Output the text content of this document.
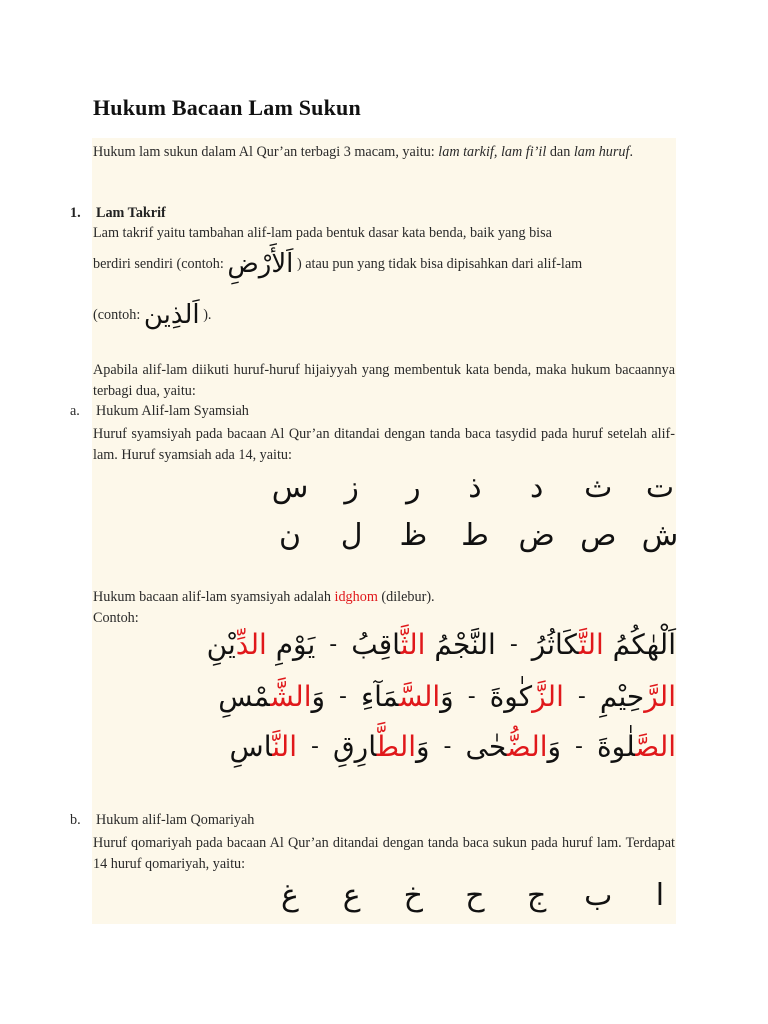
Hukum Bacaan Lam Sukun
Hukum lam sukun dalam Al Qur’an terbagi 3 macam, yaitu: lam tarkif, lam fi’il dan lam huruf.
1. Lam Takrif
Lam takrif yaitu tambahan alif-lam pada bentuk dasar kata benda, baik yang bisa
berdiri sendiri (contoh: اَلأَرْضِ ) atau pun yang tidak bisa dipisahkan dari alif-lam
(contoh: اَلذِين ).
Apabila alif-lam diikuti huruf-huruf hijaiyyah yang membentuk kata benda, maka hukum bacaannya terbagi dua, yaitu:
a. Hukum Alif-lam Syamsiah
Huruf syamsiyah pada bacaan Al Qur’an ditandai dengan tanda baca tasydid pada huruf setelah alif-lam. Huruf syamsiah ada 14, yaitu:
ت
ث
د
ذ
ر
ز
س
ش
ص
ض
ط
ظ
ل
ن
Hukum bacaan alif-lam syamsiyah adalah idghom (dilebur).
Contoh:
اَلْهٰكُمُ التَّكَاثُرُ-النَّجْمُ الثَّاقِبُ-يَوْمِ الدِّيْنِ
الرَّحِيْمِ-الزَّكٰوةَ-وَالسَّمَآءِ-وَالشَّمْسِ
الصَّلٰوةَ-وَالضُّحٰى-وَالطَّارِقِ-النَّاسِ
b. Hukum alif-lam Qomariyah
Huruf qomariyah pada bacaan Al Qur’an ditandai dengan tanda baca sukun pada huruf lam. Terdapat 14 huruf qomariyah, yaitu:
ا
ب
ج
ح
خ
ع
غ
